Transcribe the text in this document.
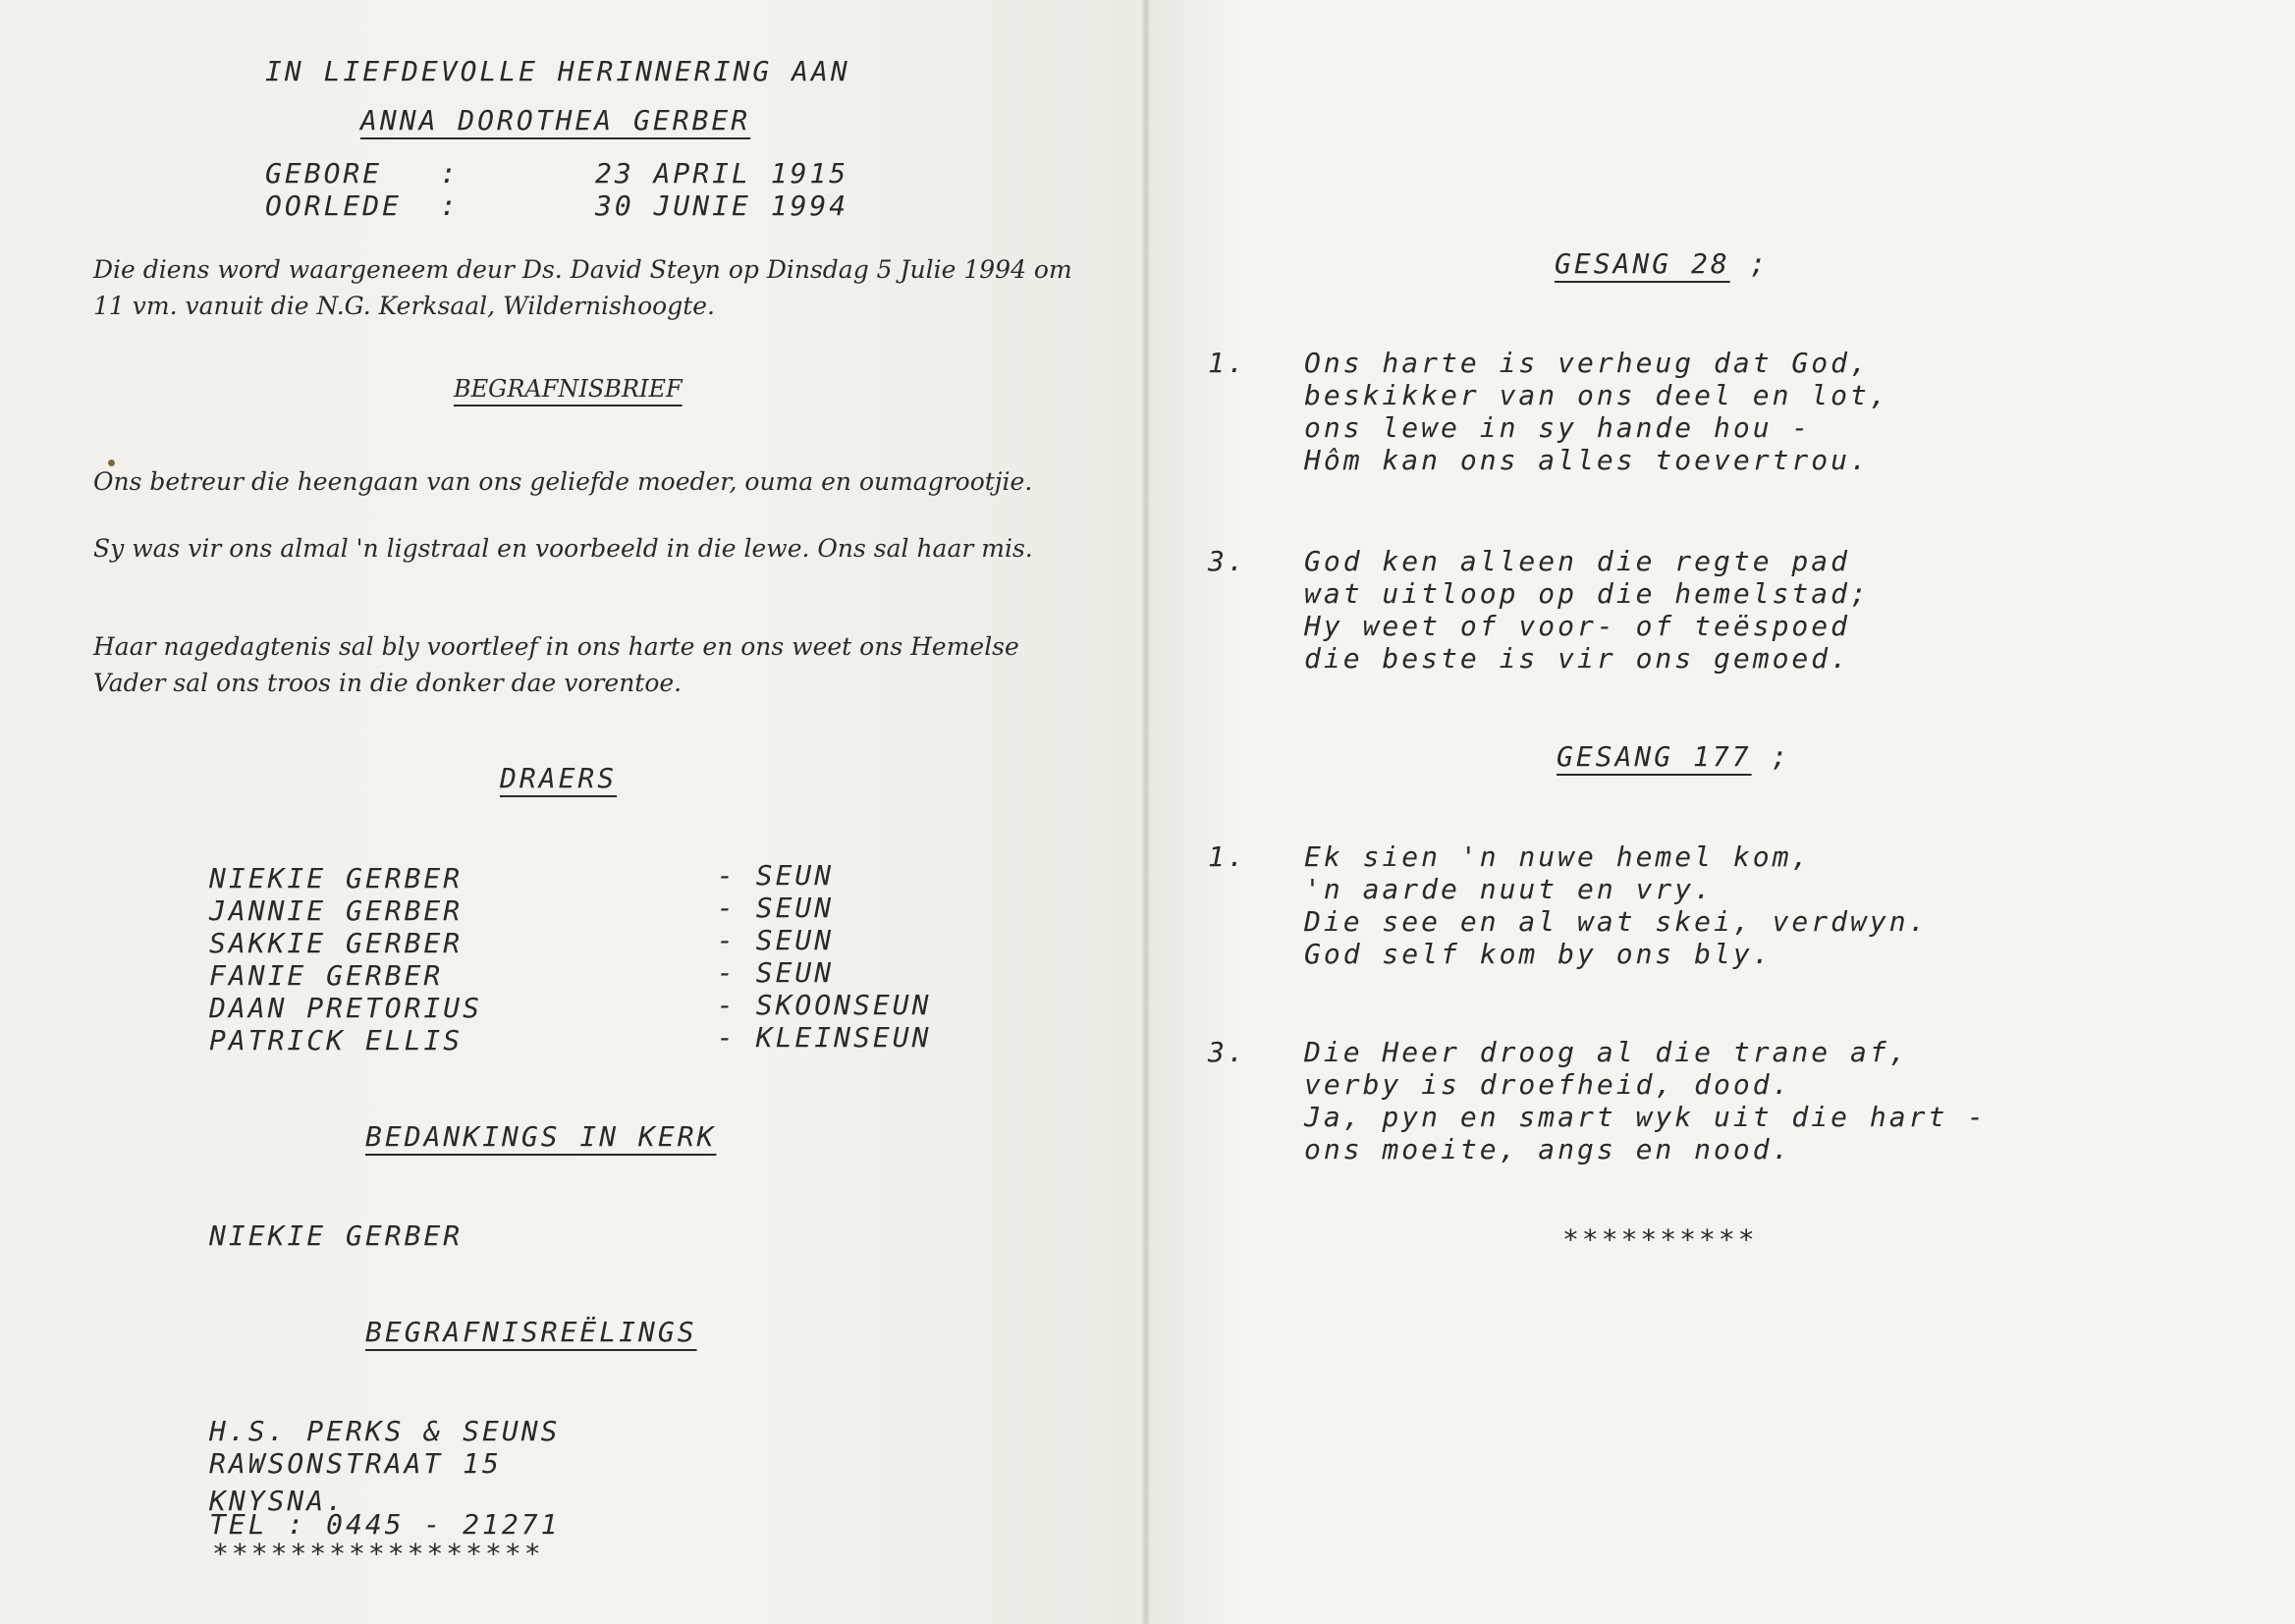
IN LIEFDEVOLLE HERINNERING AAN
ANNA DOROTHEA GERBER
GEBORE :	23 APRIL 1915
OORLEDE :	30 JUNIE 1994
Die diens word waargeneem deur Ds. David Steyn op Dinsdag 5 Julie 1994 om 11 vm. vanuit die N.G. Kerksaal, Wildernishoogte.
BEGRAFNISBRIEF
Ons betreur die heengaan van ons geliefde moeder, ouma en oumagrootjie.
Sy was vir ons almal 'n ligstraal en voorbeeld in die lewe. Ons sal haar mis.
Haar nagedagtenis sal bly voortleef in ons harte en ons weet ons Hemelse Vader sal ons troos in die donker dae vorentoe.
DRAERS
NIEKIE GERBER	- SEUN
JANNIE GERBER	- SEUN
SAKKIE GERBER	- SEUN
FANIE GERBER	- SEUN
DAAN PRETORIUS	- SKOONSEUN
PATRICK ELLIS	- KLEINSEUN
BEDANKINGS IN KERK
NIEKIE GERBER
BEGRAFNISREËLINGS
H.S. PERKS & SEUNS
RAWSONSTRAAT 15
KNYSNA.
TEL : 0445 - 21271
*****************
GESANG 28 ;
1. Ons harte is verheug dat God,
beskikker van ons deel en lot,
ons lewe in sy hande hou -
Hôm kan ons alles toevertrou.
3. God ken alleen die regte pad
wat uitloop op die hemelstad;
Hy weet of voor- of teëspoed
die beste is vir ons gemoed.
GESANG 177 ;
1. Ek sien 'n nuwe hemel kom,
'n aarde nuut en vry.
Die see en al wat skei, verdwyn.
God self kom by ons bly.
3. Die Heer droog al die trane af,
verby is droefheid, dood.
Ja, pyn en smart wyk uit die hart -
ons moeite, angs en nood.
**********
